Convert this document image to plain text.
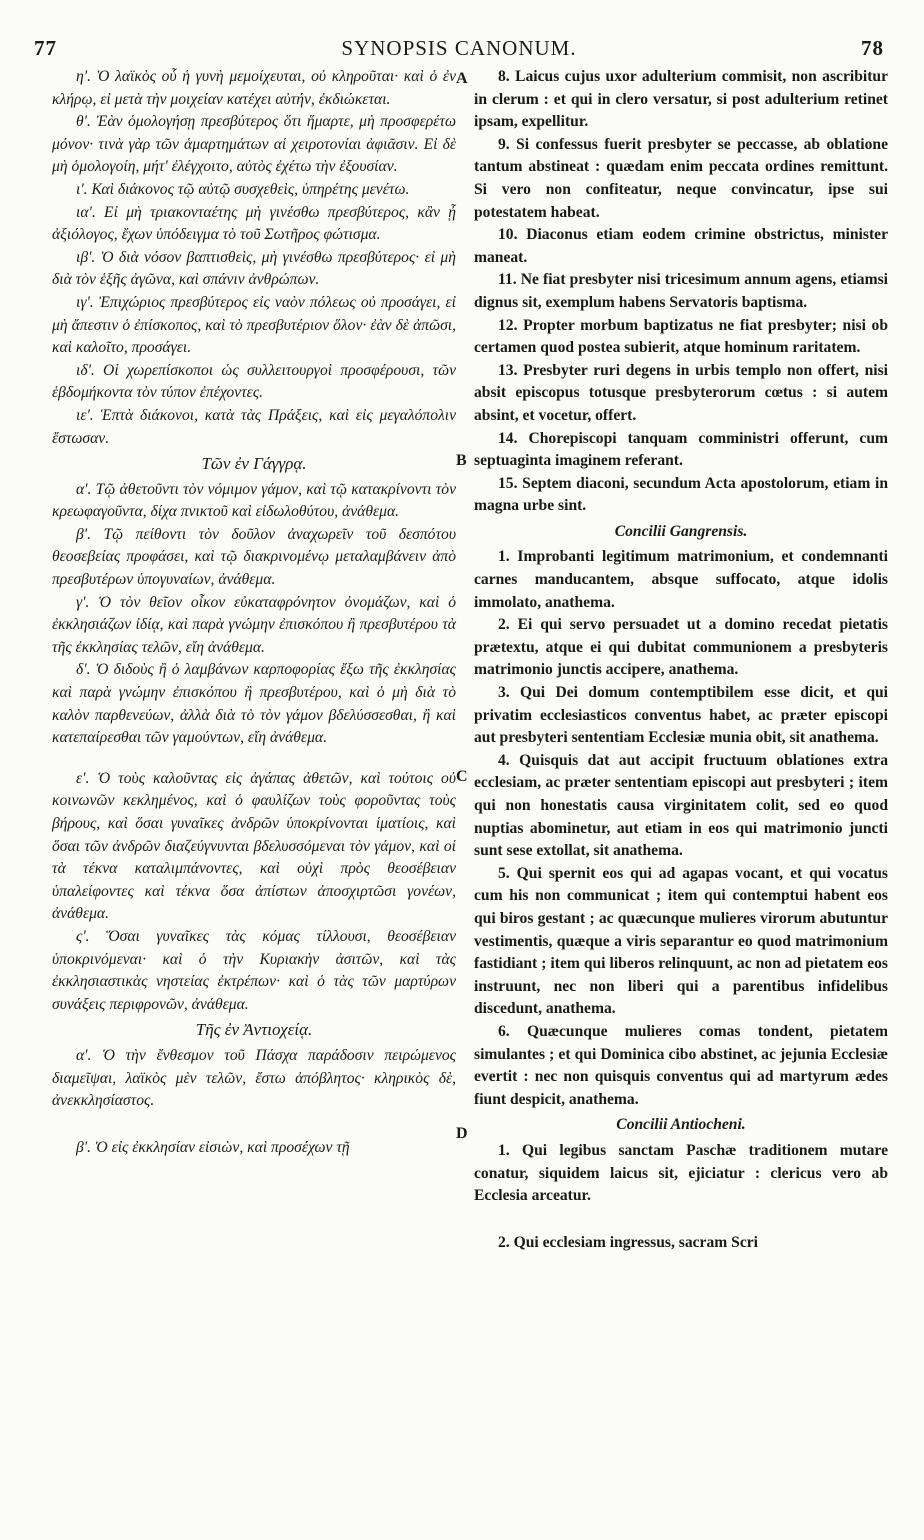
77	SYNOPSIS CANONUM.	78
A
B
C
D

η'. Ὁ λαϊκὸς οὗ ἡ γυνὴ μεμοίχευται, οὐ κληροῦται· καὶ ὁ ἐν κλήρῳ, εἰ μετὰ τὴν μοιχείαν κατέχει αὐτήν, ἐκδιώκεται.

θ'. Ἐὰν ὁμολογήσῃ πρεσβύτερος ὅτι ἥμαρτε, μὴ προσφερέτω μόνον· τινὰ γὰρ τῶν ἁμαρτημάτων αἱ χειροτονίαι ἀφιᾶσιν. Εἰ δὲ μὴ ὁμολογοίη, μήτ' ἐλέγχοιτο, αὐτὸς ἐχέτω τὴν ἐξουσίαν.

ι'. Καὶ διάκονος τῷ αὐτῷ συσχεθεὶς, ὑπηρέτης μενέτω.

ια'. Εἰ μὴ τριακονταέτης μὴ γινέσθω πρεσβύτερος, κἂν ᾖ ἀξιόλογος, ἔχων ὑπόδειγμα τὸ τοῦ Σωτῆρος φώτισμα.

ιβ'. Ὁ διὰ νόσον βαπτισθεὶς, μὴ γινέσθω πρεσβύτερος· εἰ μὴ διὰ τὸν ἑξῆς ἀγῶνα, καὶ σπάνιν ἀνθρώπων.

ιγ'. Ἐπιχώριος πρεσβύτερος εἰς ναὸν πόλεως οὐ προσάγει, εἰ μὴ ἄπεστιν ὁ ἐπίσκοπος, καὶ τὸ πρεσβυτέριον ὅλον· ἐὰν δὲ ἀπῶσι, καὶ καλοῖτο, προσάγει.

ιδ'. Οἱ χωρεπίσκοποι ὡς συλλειτουργοὶ προσφέρουσι, τῶν ἑβδομήκοντα τὸν τύπον ἐπέχοντες.

ιε'. Ἑπτὰ διάκονοι, κατὰ τὰς Πράξεις, καὶ εἰς μεγαλόπολιν ἔστωσαν.

Τῶν ἐν Γάγγρᾳ.

α'. Τῷ ἀθετοῦντι τὸν νόμιμον γάμον, καὶ τῷ κατακρίνοντι τὸν κρεωφαγοῦντα, δίχα πνικτοῦ καὶ εἰδωλοθύτου, ἀνάθεμα.

β'. Τῷ πείθοντι τὸν δοῦλον ἀναχωρεῖν τοῦ δεσπότου θεοσεβείας προφάσει, καὶ τῷ διακρινομένῳ μεταλαμβάνειν ἀπὸ πρεσβυτέρων ὑπογυναίων, ἀνάθεμα.

γ'. Ὁ τὸν θεῖον οἶκον εὐκαταφρόνητον ὀνομάζων, καὶ ὁ ἐκκλησιάζων ἰδίᾳ, καὶ παρὰ γνώμην ἐπισκόπου ἢ πρεσβυτέρου τὰ τῆς ἐκκλησίας τελῶν, εἴη ἀνάθεμα.

δ'. Ὁ διδοὺς ἢ ὁ λαμβάνων καρποφορίας ἔξω τῆς ἐκκλησίας καὶ παρὰ γνώμην ἐπισκόπου ἢ πρεσβυτέρου, καὶ ὁ μὴ διὰ τὸ καλὸν παρθενεύων, ἀλλὰ διὰ τὸ τὸν γάμον βδελύσσεσθαι, ἢ καὶ κατεπαίρεσθαι τῶν γαμούντων, εἴη ἀνάθεμα.

ε'. Ὁ τοὺς καλοῦντας εἰς ἀγάπας ἀθετῶν, καὶ τούτοις οὐ κοινωνῶν κεκλημένος, καὶ ὁ φαυλίζων τοὺς φοροῦντας τοὺς βήρους, καὶ ὅσαι γυναῖκες ἀνδρῶν ὑποκρίνονται ἱματίοις, καὶ ὅσαι τῶν ἀνδρῶν διαζεύγνυνται βδελυσσόμεναι τὸν γάμον, καὶ οἱ τὰ τέκνα καταλιμπάνοντες, καὶ οὐχὶ πρὸς θεοσέβειαν ὑπαλείφοντες καὶ τέκνα ὅσα ἀπίστων ἀποσχιρτῶσι γονέων, ἀνάθεμα.

ς'. Ὅσαι γυναῖκες τὰς κόμας τίλλουσι, θεοσέβειαν ὑποκρινόμεναι· καὶ ὁ τὴν Κυριακὴν ἀσιτῶν, καὶ τὰς ἐκκλησιαστικὰς νηστείας ἐκτρέπων· καὶ ὁ τὰς τῶν μαρτύρων συνάξεις περιφρονῶν, ἀνάθεμα.

Τῆς ἐν Ἀντιοχείᾳ.

α'. Ὁ τὴν ἔνθεσμον τοῦ Πάσχα παράδοσιν πειρώμενος διαμεῖψαι, λαϊκὸς μὲν τελῶν, ἔστω ἀπόβλητος· κληρικὸς δὲ, ἀνεκκλησίαστος.

β'. Ὁ εἰς ἐκκλησίαν εἰσιὼν, καὶ προσέχων τῇ

8. Laicus cujus uxor adulterium commisit, non ascribitur in clerum : et qui in clero versatur, si post adulterium retinet ipsam, expellitur.

9. Si confessus fuerit presbyter se peccasse, ab oblatione tantum abstineat : quædam enim peccata ordines remittunt. Si vero non confiteatur, neque convincatur, ipse sui potestatem habeat.

10. Diaconus etiam eodem crimine obstrictus, minister maneat.

11. Ne fiat presbyter nisi tricesimum annum agens, etiamsi dignus sit, exemplum habens Servatoris baptisma.

12. Propter morbum baptizatus ne fiat presbyter; nisi ob certamen quod postea subierit, atque hominum raritatem.

13. Presbyter ruri degens in urbis templo non offert, nisi absit episcopus totusque presbyterorum cœtus : si autem absint, et vocetur, offert.

14. Chorepiscopi tanquam comministri offerunt, cum septuaginta imaginem referant.

15. Septem diaconi, secundum Acta apostolorum, etiam in magna urbe sint.

Concilii Gangrensis.

1. Improbanti legitimum matrimonium, et condemnanti carnes manducantem, absque suffocato, atque idolis immolato, anathema.

2. Ei qui servo persuadet ut a domino recedat pietatis prætextu, atque ei qui dubitat communionem a presbyteris matrimonio junctis accipere, anathema.

3. Qui Dei domum contemptibilem esse dicit, et qui privatim ecclesiasticos conventus habet, ac præter episcopi aut presbyteri sententiam Ecclesiæ munia obit, sit anathema.

4. Quisquis dat aut accipit fructuum oblationes extra ecclesiam, ac præter sententiam episcopi aut presbyteri ; item qui non honestatis causa virginitatem colit, sed eo quod nuptias abominetur, aut etiam in eos qui matrimonio juncti sunt sese extollat, sit anathema.

5. Qui spernit eos qui ad agapas vocant, et qui vocatus cum his non communicat ; item qui contemptui habent eos qui biros gestant ; ac quæcunque mulieres virorum abutuntur vestimentis, quæque a viris separantur eo quod matrimonium fastidiant ; item qui liberos relinquunt, ac non ad pietatem eos instruunt, nec non liberi qui a parentibus infidelibus discedunt, anathema.

6. Quæcunque mulieres comas tondent, pietatem simulantes ; et qui Dominica cibo abstinet, ac jejunia Ecclesiæ evertit : nec non quisquis conventus qui ad martyrum ædes fiunt despicit, anathema.

Concilii Antiocheni.

1. Qui legibus sanctam Paschæ traditionem mutare conatur, siquidem laicus sit, ejiciatur : clericus vero ab Ecclesia arceatur.

2. Qui ecclesiam ingressus, sacram Scri
